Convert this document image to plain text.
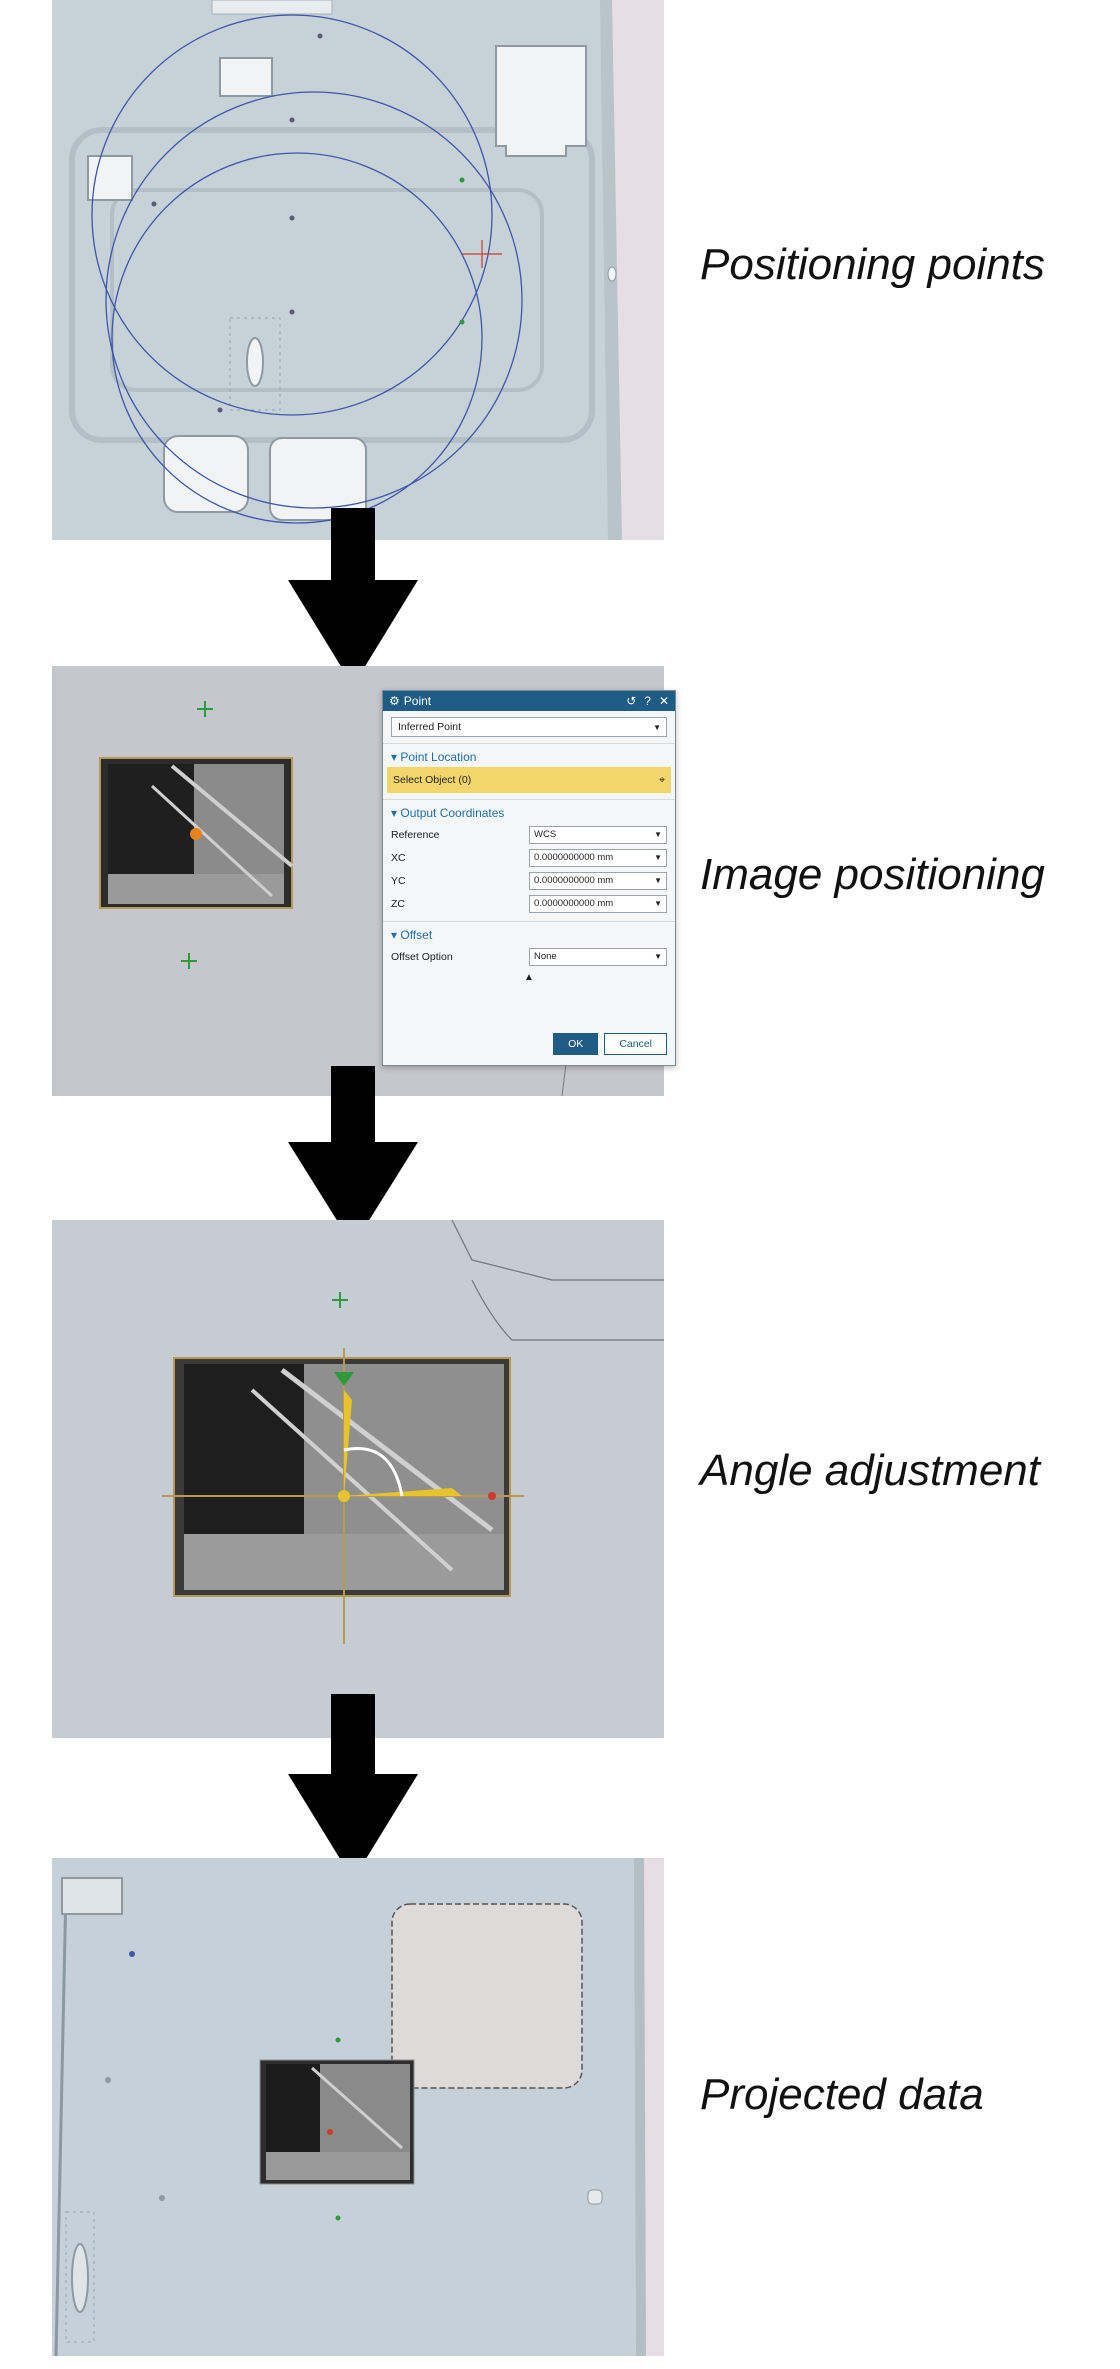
Positioning points
⚙ Point	↺ ? ✕
Inferred Point	▼
▾ Point Location
Select Object (0)	⌖
▾ Output Coordinates
Reference	WCS	▼
XC	0.0000000000 mm	▼
YC	0.0000000000 mm	▼
ZC	0.0000000000 mm	▼
▾ Offset
Offset Option	None	▼
▲
OK	Cancel
Image positioning
Angle adjustment
Projected data
